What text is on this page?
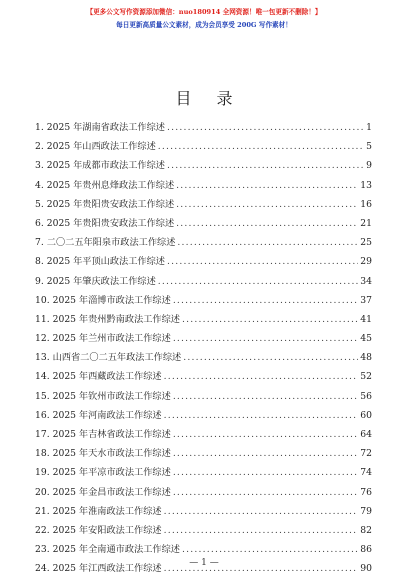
【更多公文写作资源添加微信：nuo180914 全网资源！唯一包更新不删除！】
每日更新高质量公文素材，成为会员享受 200G 写作素材！
目 录
1 . 2025 年湖南省政法工作综述 .....	1
2 . 2025 年山西政法工作综述 .....	5
3 . 2025 年成都市政法工作综述 .....	9
4 . 2025 年贵州息烽政法工作综述 .....	13
5 . 2025 年贵阳贵安政法工作综述 .....	16
6 . 2025 年贵阳贵安政法工作综述 .....	21
7 . 二〇二五年阳泉市政法工作综述 .....	25
8 . 2025 年平顶山政法工作综述 .....	29
9 . 2025 年肇庆政法工作综述 .....	34
10 . 2025 年淄博市政法工作综述 .....	37
11 . 2025 年贵州黔南政法工作综述 .....	41
12 . 2025 年兰州市政法工作综述 .....	45
13 . 山西省二〇二五年政法工作综述 .....	48
14 . 2025 年西藏政法工作综述 .....	52
15 . 2025 年钦州市政法工作综述 .....	56
16 . 2025 年河南政法工作综述 .....	60
17 . 2025 年吉林省政法工作综述 .....	64
18 . 2025 年天水市政法工作综述 .....	72
19 . 2025 年平凉市政法工作综述 .....	74
20 . 2025 年金昌市政法工作综述 .....	76
21 . 2025 年淮南政法工作综述 .....	79
22 . 2025 年安阳政法工作综述 .....	82
23 . 2025 年全南通市政法工作综述 .....	86
24 . 2025 年江西政法工作综述 .....	90
— 1 —
